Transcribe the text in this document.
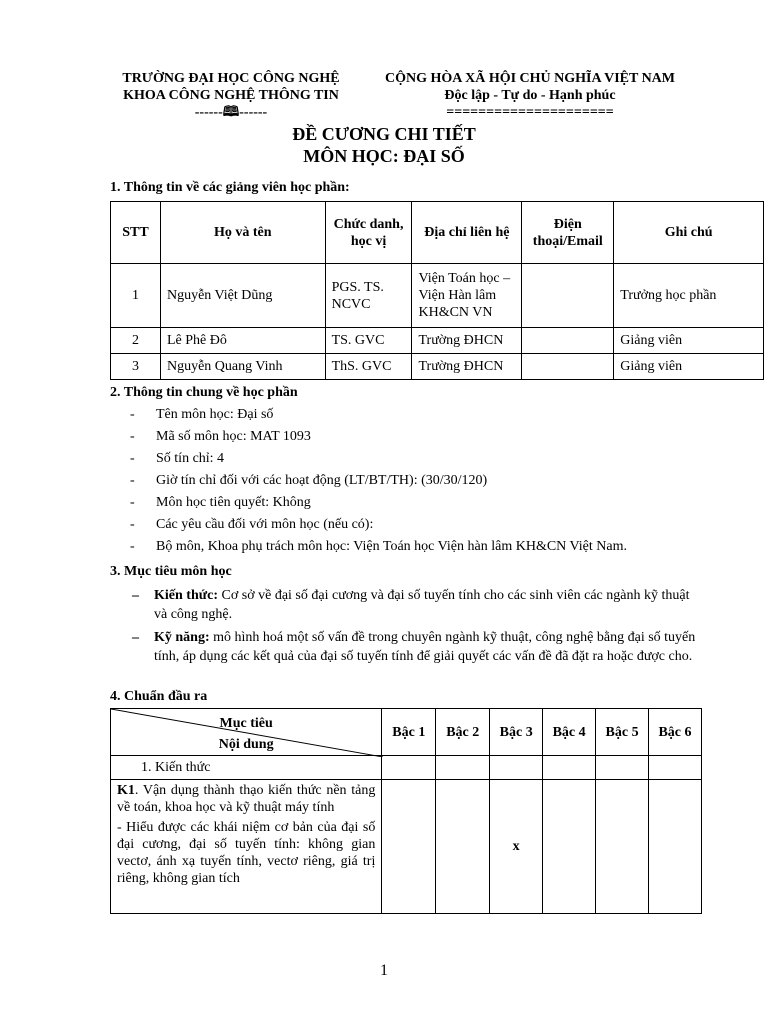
TRƯỜNG ĐẠI HỌC CÔNG NGHỆ
KHOA CÔNG NGHỆ THÔNG TIN
------🕮------
CỘNG HÒA XÃ HỘI CHỦ NGHĨA VIỆT NAM
Độc lập - Tự do - Hạnh phúc
=====================
ĐỀ CƯƠNG CHI TIẾT
MÔN HỌC: ĐẠI SỐ
1. Thông tin về các giảng viên học phần:
STT	Họ và tên	Chức danh, học vị	Địa chỉ liên hệ	Điện thoại/Email	Ghi chú
1	Nguyễn Việt Dũng	PGS. TS. NCVC	Viện Toán học – Viện Hàn lâm KH&CN VN		Trưởng học phần
2	Lê Phê Đô	TS. GVC	Trường ĐHCN		Giảng viên
3	Nguyễn Quang Vinh	ThS. GVC	Trường ĐHCN		Giảng viên
2. Thông tin chung về học phần
- Tên môn học: Đại số
- Mã số môn học: MAT 1093
- Số tín chỉ: 4
- Giờ tín chỉ đối với các hoạt động (LT/BT/TH): (30/30/120)
- Môn học tiên quyết: Không
- Các yêu cầu đối với môn học (nếu có):
- Bộ môn, Khoa phụ trách môn học: Viện Toán học Viện hàn lâm KH&CN Việt Nam.
3. Mục tiêu môn học
– Kiến thức: Cơ sở về đại số đại cương và đại số tuyến tính cho các sinh viên các ngành kỹ thuật và công nghệ.
– Kỹ năng: mô hình hoá một số vấn đề trong chuyên ngành kỹ thuật, công nghệ bằng đại số tuyến tính, áp dụng các kết quả của đại số tuyến tính để giải quyết các vấn đề đã đặt ra hoặc được cho.
4. Chuẩn đầu ra
Mục tiêu
Nội dung	Bậc 1	Bậc 2	Bậc 3	Bậc 4	Bậc 5	Bậc 6
1. Kiến thức						

K1. Vận dụng thành thạo kiến thức nền tảng về toán, khoa học và kỹ thuật máy tính
- Hiểu được các khái niệm cơ bản của đại số đại cương, đại số tuyến tính: không gian vectơ, ánh xạ tuyến tính, vectơ riêng, giá trị riêng, không gian tích			x			
1
